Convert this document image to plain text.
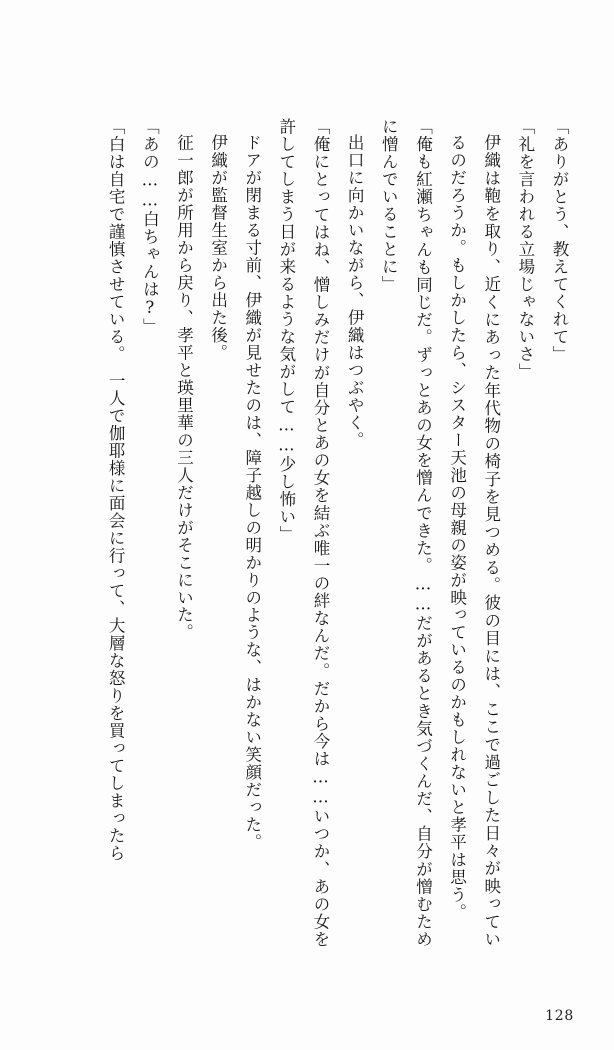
「ありがとう、教えてくれて」

「礼を言われる立場じゃないさ」

伊織は鞄を取り、近くにあった年代物の椅子を見つめる。彼の目には、ここで過ごした日々が映っているのだろうか。もしかしたら、シスター天池の母親の姿が映っているのかもしれないと孝平は思う。

「俺も紅瀬ちゃんも同じだ。ずっとあの女を憎んできた。……だがあるとき気づくんだ、自分が憎むために憎んでいることに」

出口に向かいながら、伊織はつぶやく。

「俺にとってはね、憎しみだけが自分とあの女を結ぶ唯一の絆なんだ。だから今は……いつか、あの女を許してしまう日が来るような気がして……少し怖い」

ドアが閉まる寸前、伊織が見せたのは、障子越しの明かりのような、はかない笑顔だった。

伊織が監督生室から出た後。

征一郎が所用から戻り、孝平と瑛里華の三人だけがそこにいた。

「あの……白ちゃんは?」

「白は自宅で謹慎させている。　一人で伽耶様に面会に行って、大層な怒りを買ってしまったら

128
